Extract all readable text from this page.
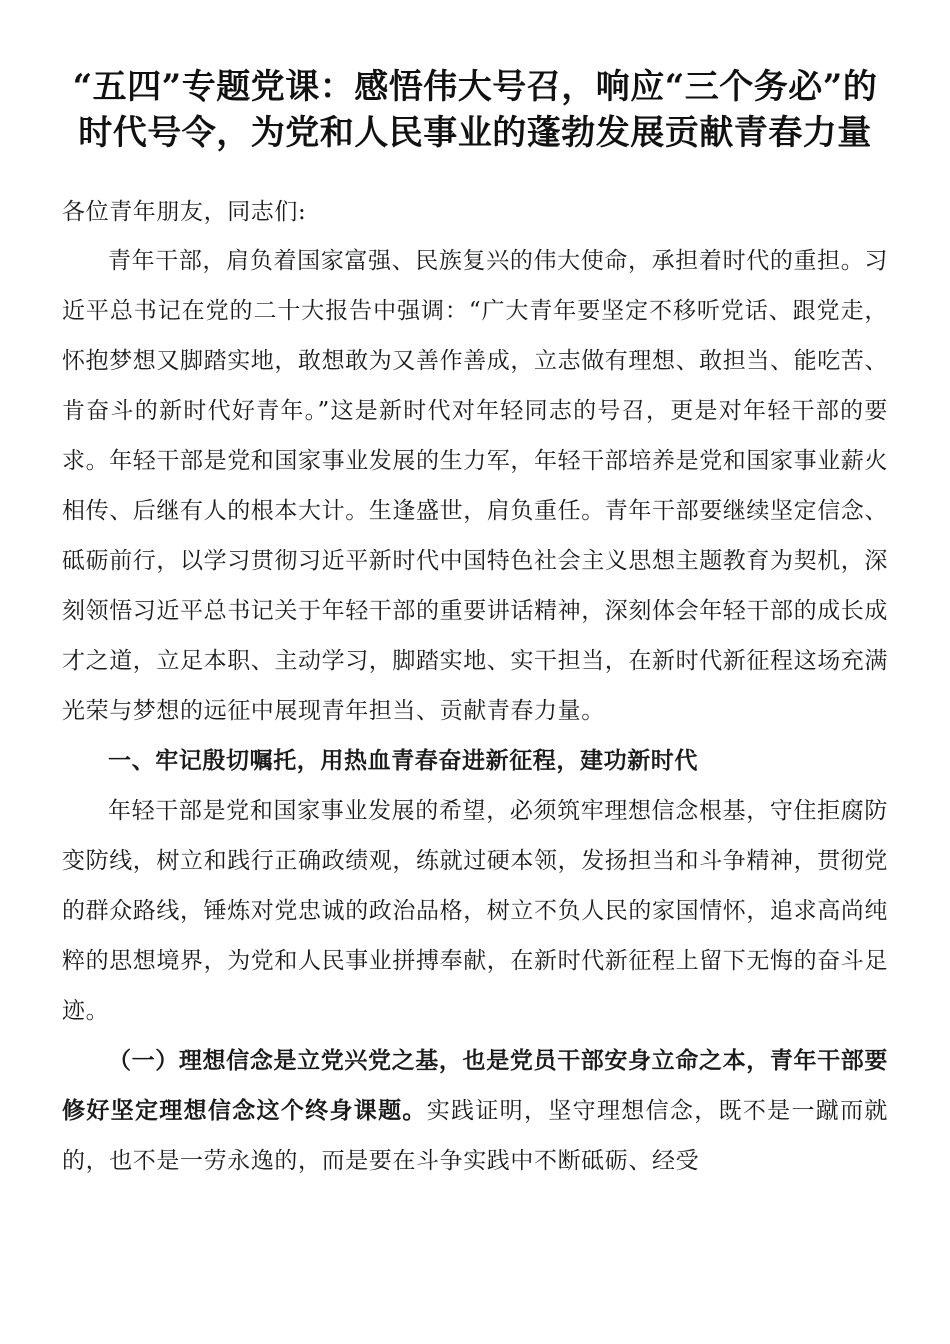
“五四”专题党课：感悟伟大号召，响应“三个务必”的时代号令，为党和人民事业的蓬勃发展贡献青春力量

各位青年朋友，同志们:

青年干部，肩负着国家富强、民族复兴的伟大使命，承担着时代的重担。习近平总书记在党的二十大报告中强调：“广大青年要坚定不移听党话、跟党走，怀抱梦想又脚踏实地，敢想敢为又善作善成，立志做有理想、敢担当、能吃苦、肯奋斗的新时代好青年。”这是新时代对年轻同志的号召，更是对年轻干部的要求。年轻干部是党和国家事业发展的生力军，年轻干部培养是党和国家事业薪火相传、后继有人的根本大计。生逢盛世，肩负重任。青年干部要继续坚定信念、砥砺前行，以学习贯彻习近平新时代中国特色社会主义思想主题教育为契机，深刻领悟习近平总书记关于年轻干部的重要讲话精神，深刻体会年轻干部的成长成才之道，立足本职、主动学习，脚踏实地、实干担当，在新时代新征程这场充满光荣与梦想的远征中展现青年担当、贡献青春力量。

一、牢记殷切嘱托，用热血青春奋进新征程，建功新时代

年轻干部是党和国家事业发展的希望，必须筑牢理想信念根基，守住拒腐防变防线，树立和践行正确政绩观，练就过硬本领，发扬担当和斗争精神，贯彻党的群众路线，锤炼对党忠诚的政治品格，树立不负人民的家国情怀，追求高尚纯粹的思想境界，为党和人民事业拼搏奉献，在新时代新征程上留下无悔的奋斗足迹。

（一）理想信念是立党兴党之基，也是党员干部安身立命之本，青年干部要修好坚定理想信念这个终身课题。实践证明，坚守理想信念，既不是一蹴而就的，也不是一劳永逸的，而是要在斗争实践中不断砥砺、经受
